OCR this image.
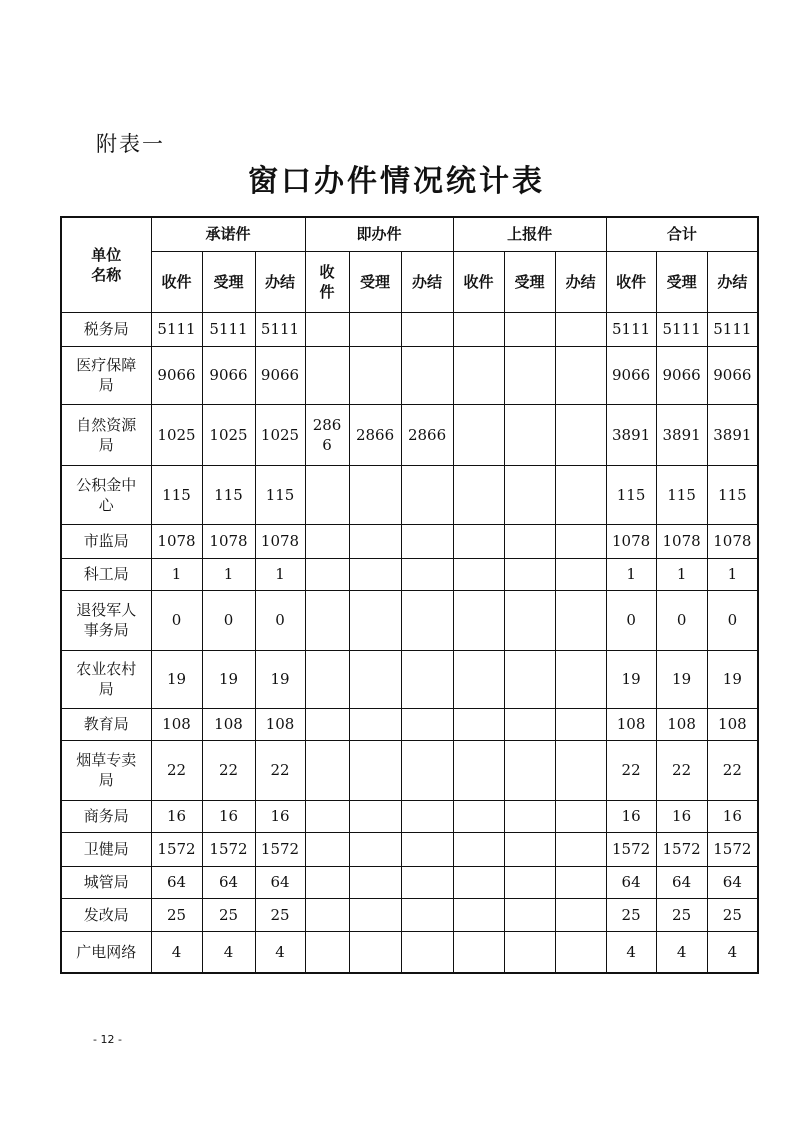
附表一
窗口办件情况统计表
单位
名称	承诺件			即办件			上报件			合计		
	收件	受理	办结	收
件	受理	办结	收件	受理	办结	收件	受理	办结
税务局	5111	5111	5111							5111	5111	5111
医疗保障
局	9066	9066	9066							9066	9066	9066
自然资源
局	1025	1025	1025	286
6	2866	2866				3891	3891	3891
公积金中
心	115	115	115							115	115	115
市监局	1078	1078	1078							1078	1078	1078
科工局	1	1	1							1	1	1
退役军人
事务局	0	0	0							0	0	0
农业农村
局	19	19	19							19	19	19
教育局	108	108	108							108	108	108
烟草专卖
局	22	22	22							22	22	22
商务局	16	16	16							16	16	16
卫健局	1572	1572	1572							1572	1572	1572
城管局	64	64	64							64	64	64
发改局	25	25	25							25	25	25
广电网络	4	4	4							4	4	4
- 12 -
